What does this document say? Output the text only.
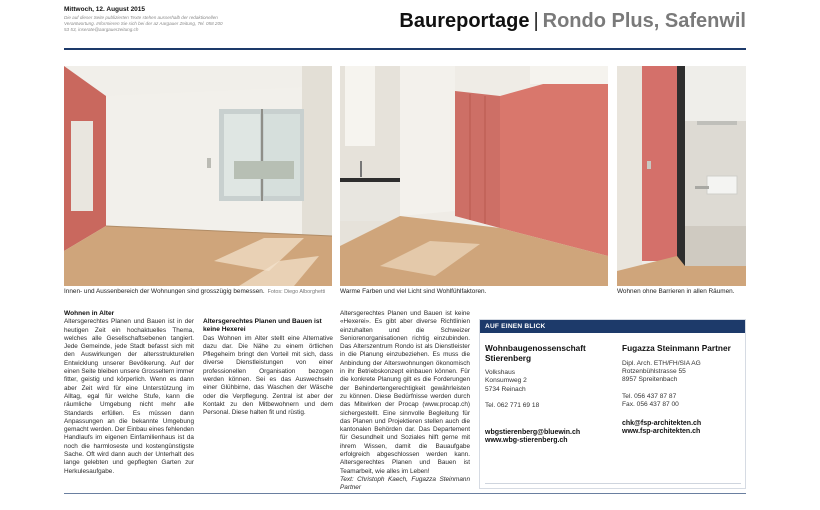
Mittwoch, 12. August 2015
Die auf dieser Seite publizierten Texte stehen ausserhalb der redaktionellen Verantwortung. Informieren Sie sich bei der az Aargauer Zeitung, Tel. 058 200 53 53, inserate@aargauerzeitung.ch	Baureportage | Rondo Plus, Safenwil
Innen- und Aussenbereich der Wohnungen sind grosszügig bemessen. Fotos: Diego Alborghetti Warme Farben und viel Licht sind Wohlfühlfaktoren.	Wohnen ohne Barrieren in allen Räumen.
Wohnen in Alter

Altersgerechtes Planen und Bauen ist in der heutigen Zeit ein hochaktuelles Thema, welches alle Gesellschaftsebenen tangiert. Jede Gemeinde, jede Stadt befasst sich mit den Auswirkungen der altersstrukturellen Entwicklung unserer Bevölkerung. Auf der einen Seite bleiben unsere Grosseltern immer fitter, geistig und körperlich. Wenn es dann aber Zeit wird für eine Unterstützung im Alltag, egal für welche Stufe, kann die räumliche Umgebung nicht mehr alle Standards erfüllen. Es müssen dann Anpassungen an die bekannte Umgebung gemacht werden. Der Einbau eines fehlenden Handlaufs im eigenen Einfamilienhaus ist da noch die harmloseste und kostengünstigste Sache. Oft wird dann auch der Unterhalt des lange gelebten und gepflegten Garten zur Herkulesaufgabe.

Altersgerechtes Planen und Bauen ist keine Hexerei

Das Wohnen im Alter stellt eine Alternative dazu dar. Die Nähe zu einem örtlichen Pflegeheim bringt den Vorteil mit sich, dass diverse Dienstleistungen von einer professionellen Organisation bezogen werden können. Sei es das Auswechseln einer Glühbirne, das Waschen der Wäsche oder die Verpflegung. Zentral ist aber der Kontakt zu den Mitbewohnern und dem Personal. Diese halten fit und rüstig.

Altersgerechtes Planen und Bauen ist keine «Hexerei». Es gibt aber diverse Richtlinien einzuhalten und die Schweizer Seniorenorganisationen richtig einzubinden. Das Alterszentrum Rondo ist als Dienstleister in die Planung einzubeziehen. Es muss die Anbindung der Alterswohnungen ökonomisch in ihr Betriebskonzept einbauen können. Für die konkrete Planung gilt es die Forderungen der Behindertengerechtigkeit gewährleisten zu können. Diese Bedürfnisse werden durch das Mitwirken der Procap (www.procap.ch) sichergestellt. Eine sinnvolle Begleitung für das Planen und Projektieren stellen auch die kantonalen Behörden dar. Das Departement für Gesundheit und Soziales hilft gerne mit ihrem Wissen, damit die Bauaufgabe erfolgreich abgeschlossen werden kann. Altersgerechtes Planen und Bauen ist Teamarbeit, wie alles im Leben!

Text: Christoph Kaech, Fugazza Steinmann Partner

AUF EINEN BLICK
Wohnbaugenossenschaft Stierenberg
Volkshaus
Konsumweg 2
5734 Reinach
Tel. 062 771 69 18
wbgstierenberg@bluewin.ch
www.wbg-stierenberg.ch
Fugazza Steinmann Partner
Dipl. Arch. ETH/FH/SIA AG
Rotzenbühlstrasse 55
8957 Spreitenbach
Tel. 056 437 87 87
Fax. 056 437 87 00
chk@fsp-architekten.ch
www.fsp-architekten.ch
